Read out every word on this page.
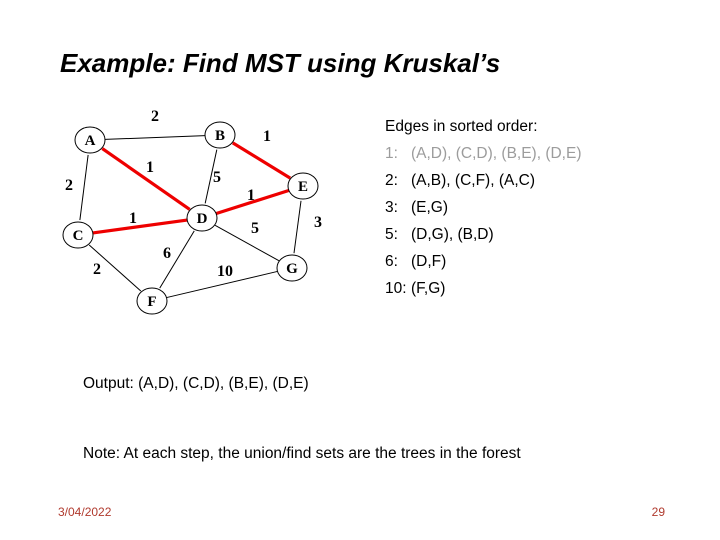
Example: Find MST using Kruskal’s
A	B
C
D
E
F
G
2
2
1
5
1
1
2
1
6
5	3
10
Edges in sorted order:
1: (A,D), (C,D), (B,E), (D,E)
2: (A,B), (C,F), (A,C)
3: (E,G)
5: (D,G), (B,D)
6: (D,F)
10: (F,G)
Output: (A,D), (C,D), (B,E), (D,E)
Note: At each step, the union/find sets are the trees in the forest
3/04/2022	29
